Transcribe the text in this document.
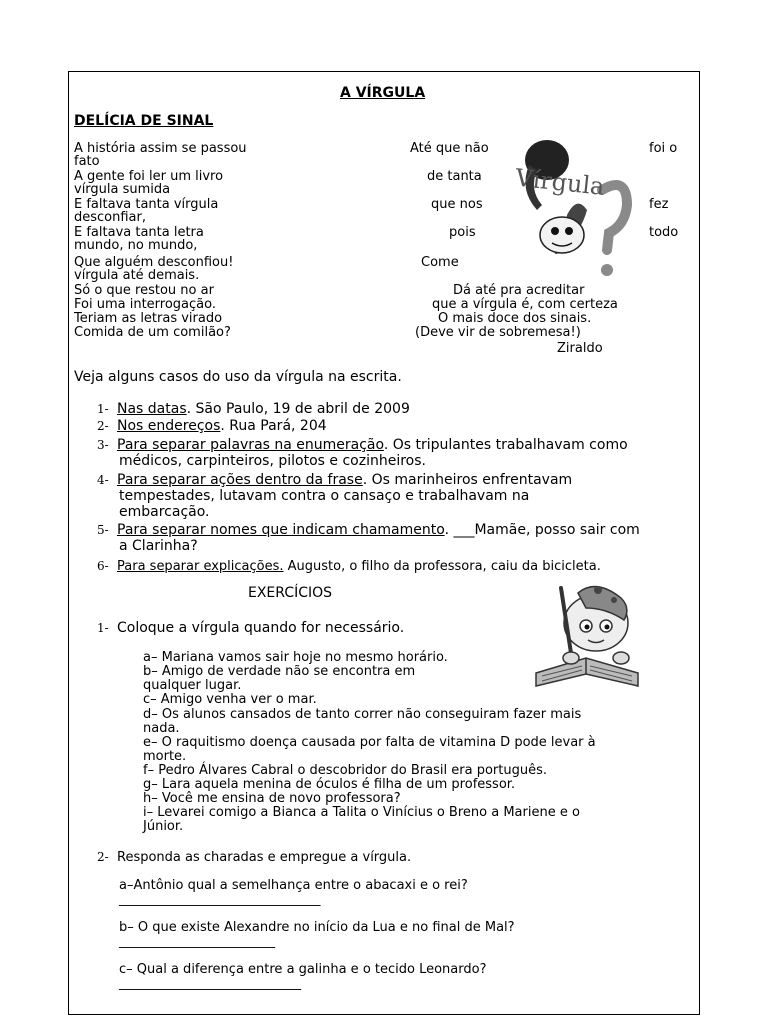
A VÍRGULA
DELÍCIA DE SINAL
A história assim se passou
fato
A gente foi ler um livro
vírgula sumida
E faltava tanta vírgula
desconfiar,
E faltava tanta letra
mundo, no mundo,
Que alguém desconfiou!
vírgula até demais.
Só o que restou no ar
Foi uma interrogação.
Teriam as letras virado
Comida de um comilão?
Até que não	foi o
de tanta
que nos	fez
pois	todo
Come
Dá até pra acreditar
que a vírgula é, com certeza
O mais doce dos sinais.
(Deve vir de sobremesa!)
Ziraldo
Vírgula
Veja alguns casos do uso da vírgula na escrita.
1- Nas datas. São Paulo, 19 de abril de 2009
2- Nos endereços. Rua Pará, 204
3- Para separar palavras na enumeração. Os tripulantes trabalhavam como
médicos, carpinteiros, pilotos e cozinheiros.
4- Para separar ações dentro da frase. Os marinheiros enfrentavam
tempestades, lutavam contra o cansaço e trabalhavam na
embarcação.
5- Para separar nomes que indicam chamamento. ___Mamãe, posso sair com
a Clarinha?
6- Para separar explicações. Augusto, o filho da professora, caiu da bicicleta.
EXERCÍCIOS
1- Coloque a vírgula quando for necessário.
a– Mariana vamos sair hoje no mesmo horário.
b– Amigo de verdade não se encontra em
qualquer lugar.
c– Amigo venha ver o mar.
d– Os alunos cansados de tanto correr não conseguiram fazer mais
nada.
e– O raquitismo doença causada por falta de vitamina D pode levar à
morte.
f– Pedro Álvares Cabral o descobridor do Brasil era português.
g– Lara aquela menina de óculos é filha de um professor.
h– Você me ensina de novo professora?
i– Levarei comigo a Bianca a Talita o Vinícius o Breno a Mariene e o
Júnior.
2- Responda as charadas e empregue a vírgula.
a–Antônio qual a semelhança entre o abacaxi e o rei?
_______________________________
b– O que existe Alexandre no início da Lua e no final de Mal?
________________________
c– Qual a diferença entre a galinha e o tecido Leonardo?
____________________________
